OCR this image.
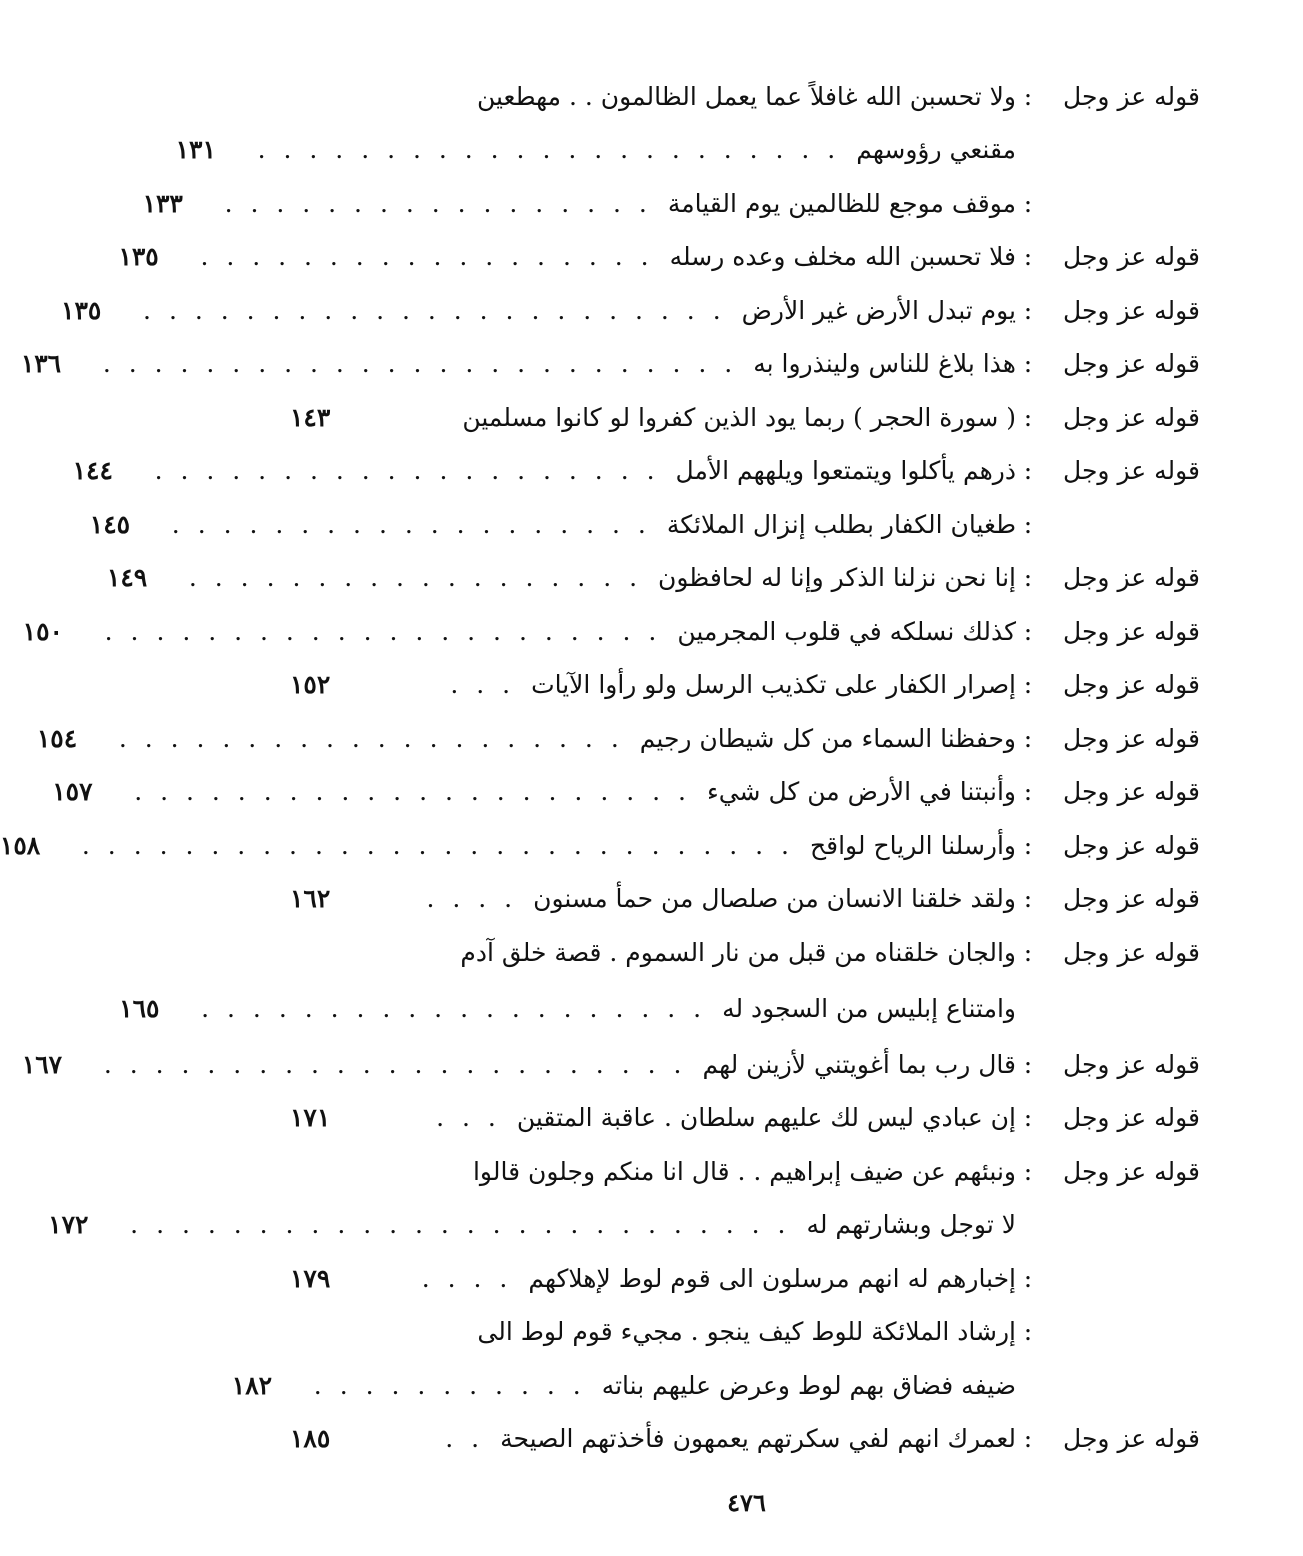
قوله عز وجل
:
ولا تحسبن الله غافلاً عما يعمل الظالمون . . مهطعين
مقنعي رؤوسهم
. . . . . . . . . . . . . . . . . . . . . . .
١٣١
:
موقف موجع للظالمين يوم القيامة
. . . . . . . . . . . . . . . . .
١٣٣
قوله عز وجل
:
فلا تحسبن الله مخلف وعده رسله
. . . . . . . . . . . . . . . . . .
١٣٥
قوله عز وجل
:
يوم تبدل الأرض غير الأرض
. . . . . . . . . . . . . . . . . . . . . . .
١٣٥
قوله عز وجل
:
هذا بلاغ للناس ولينذروا به
. . . . . . . . . . . . . . . . . . . . . . . . .
١٣٦
قوله عز وجل
:
( سورة الحجر ) ربما يود الذين كفروا لو كانوا مسلمين
١٤٣
قوله عز وجل
:
ذرهم يأكلوا ويتمتعوا ويلههم الأمل
. . . . . . . . . . . . . . . . . . . .
١٤٤
:
طغيان الكفار بطلب إنزال الملائكة
. . . . . . . . . . . . . . . . . . .
١٤٥
قوله عز وجل
:
إنا نحن نزلنا الذكر وإنا له لحافظون
. . . . . . . . . . . . . . . . . .
١٤٩
قوله عز وجل
:
كذلك نسلكه في قلوب المجرمين
. . . . . . . . . . . . . . . . . . . . . .
١٥٠
قوله عز وجل
:
إصرار الكفار على تكذيب الرسل ولو رأوا الآيات
. . .
١٥٢
قوله عز وجل
:
وحفظنا السماء من كل شيطان رجيم
. . . . . . . . . . . . . . . . . . . .
١٥٤
قوله عز وجل
:
وأنبتنا في الأرض من كل شيء
. . . . . . . . . . . . . . . . . . . . . .
١٥٧
قوله عز وجل
:
وأرسلنا الرياح لواقح
. . . . . . . . . . . . . . . . . . . . . . . . . . . .
١٥٨
قوله عز وجل
:
ولقد خلقنا الانسان من صلصال من حمأ مسنون
. . . .
١٦٢
قوله عز وجل
:
والجان خلقناه من قبل من نار السموم . قصة خلق آدم
وامتناع إبليس من السجود له
. . . . . . . . . . . . . . . . . . . .
١٦٥
قوله عز وجل
:
قال رب بما أغويتني لأزينن لهم
. . . . . . . . . . . . . . . . . . . . . . .
١٦٧
قوله عز وجل
:
إن عبادي ليس لك عليهم سلطان . عاقبة المتقين
. . .
١٧١
قوله عز وجل
:
ونبئهم عن ضيف إبراهيم . . قال انا منكم وجلون قالوا
لا توجل وبشارتهم له
. . . . . . . . . . . . . . . . . . . . . . . . . .
١٧٢
:
إخبارهم له انهم مرسلون الى قوم لوط لإهلاكهم
. . . .
١٧٩
:
إرشاد الملائكة للوط كيف ينجو . مجيء قوم لوط الى
ضيفه فضاق بهم لوط وعرض عليهم بناته
. . . . . . . . . . .
١٨٢
قوله عز وجل
:
لعمرك انهم لفي سكرتهم يعمهون فأخذتهم الصيحة
. .
١٨٥
٤٧٦
